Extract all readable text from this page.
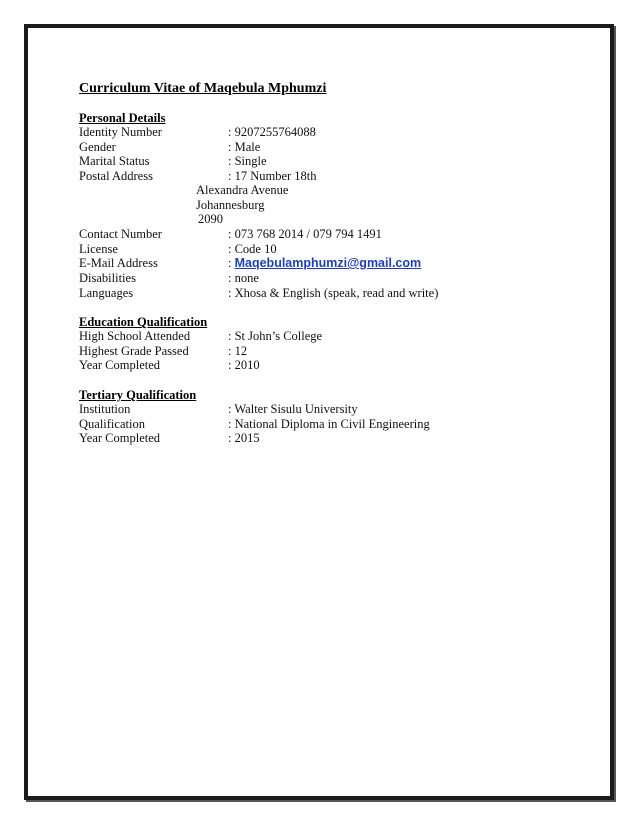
Curriculum Vitae of Maqebula Mphumzi
Personal Details
Identity Number	: 9207255764088
Gender	: Male
Marital Status	: Single
Postal Address	: 17 Number 18th
Alexandra Avenue
Johannesburg
2090
Contact Number	: 073 768 2014 / 079 794 1491
License	: Code 10
E-Mail Address	: Maqebulamphumzi@gmail.com
Disabilities	: none
Languages	: Xhosa & English (speak, read and write)
Education Qualification
High School Attended	: St John’s College
Highest Grade Passed	: 12
Year Completed	: 2010
Tertiary Qualification
Institution	: Walter Sisulu University
Qualification	: National Diploma in Civil Engineering
Year Completed	: 2015
